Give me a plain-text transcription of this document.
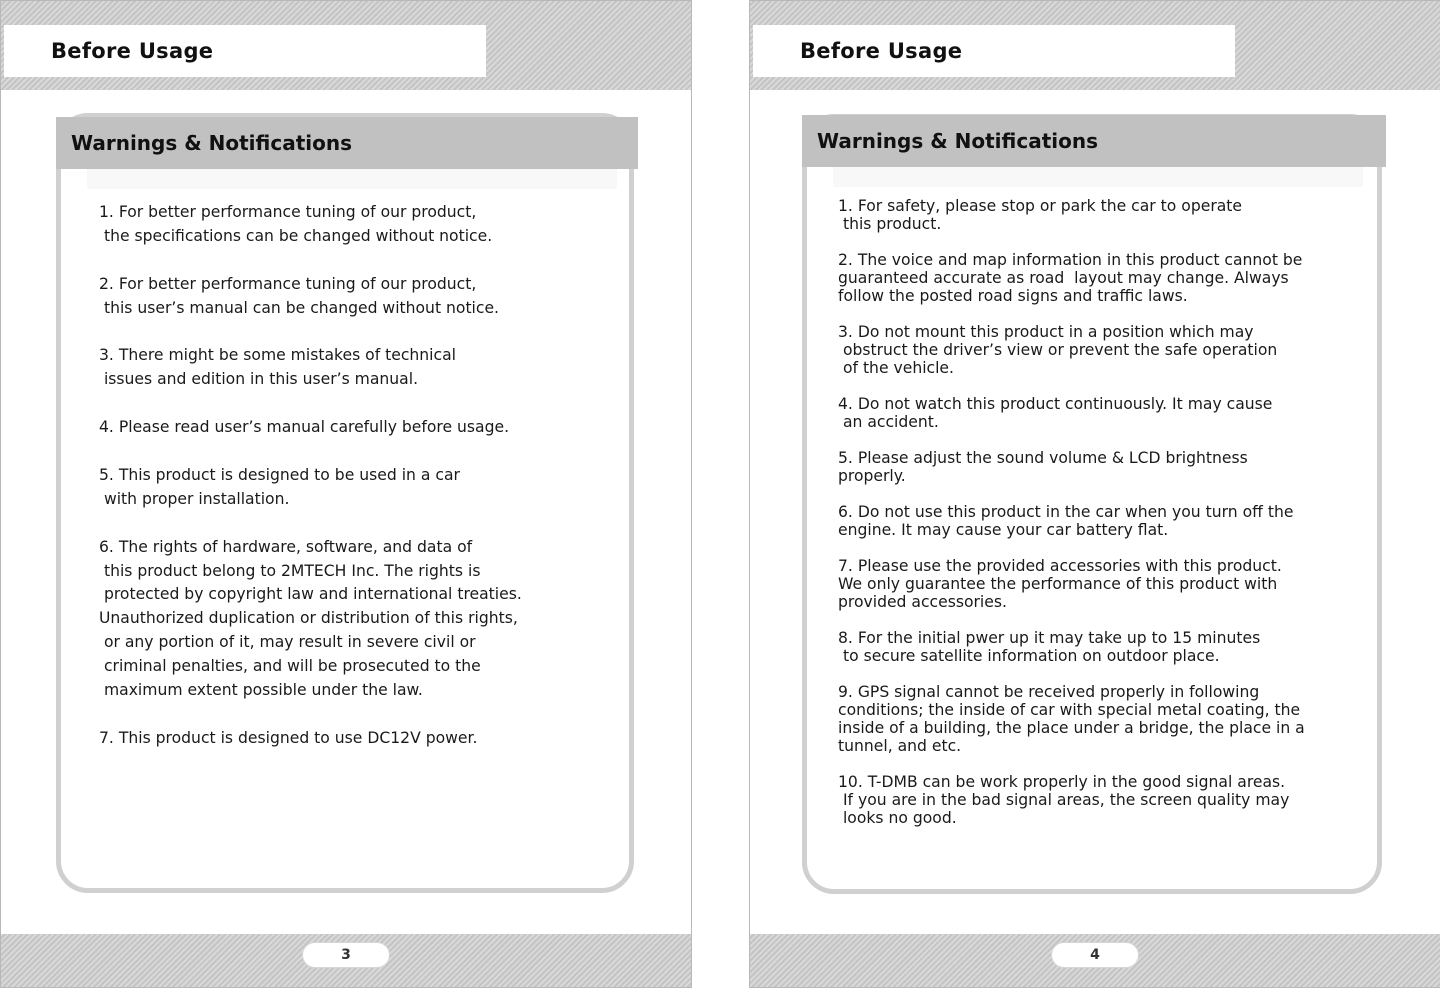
Before Usage
Warnings & Notifications
1. For better performance tuning of our product,
the specifications can be changed without notice.
2. For better performance tuning of our product,
this user’s manual can be changed without notice.
3. There might be some mistakes of technical
issues and edition in this user’s manual.
4. Please read user’s manual carefully before usage.
5. This product is designed to be used in a car
with proper installation.
6. The rights of hardware, software, and data of
this product belong to 2MTECH Inc. The rights is
protected by copyright law and international treaties.
Unauthorized duplication or distribution of this rights,
or any portion of it, may result in severe civil or
criminal penalties, and will be prosecuted to the
maximum extent possible under the law.
7. This product is designed to use DC12V power.
3
Before Usage
Warnings & Notifications
4
1. For safety, please stop or park the car to operate
this product.
2. The voice and map information in this product cannot be
guaranteed accurate as road  layout may change. Always
follow the posted road signs and traffic laws.
3. Do not mount this product in a position which may
obstruct the driver’s view or prevent the safe operation
of the vehicle.
4. Do not watch this product continuously. It may cause
an accident.
5. Please adjust the sound volume & LCD brightness
properly.
6. Do not use this product in the car when you turn off the
engine. It may cause your car battery flat.
7. Please use the provided accessories with this product.
We only guarantee the performance of this product with
provided accessories.
8. For the initial pwer up it may take up to 15 minutes
to secure satellite information on outdoor place.
9. GPS signal cannot be received properly in following
conditions; the inside of car with special metal coating, the
inside of a building, the place under a bridge, the place in a
tunnel, and etc.
10. T-DMB can be work properly in the good signal areas.
If you are in the bad signal areas, the screen quality may
looks no good.
